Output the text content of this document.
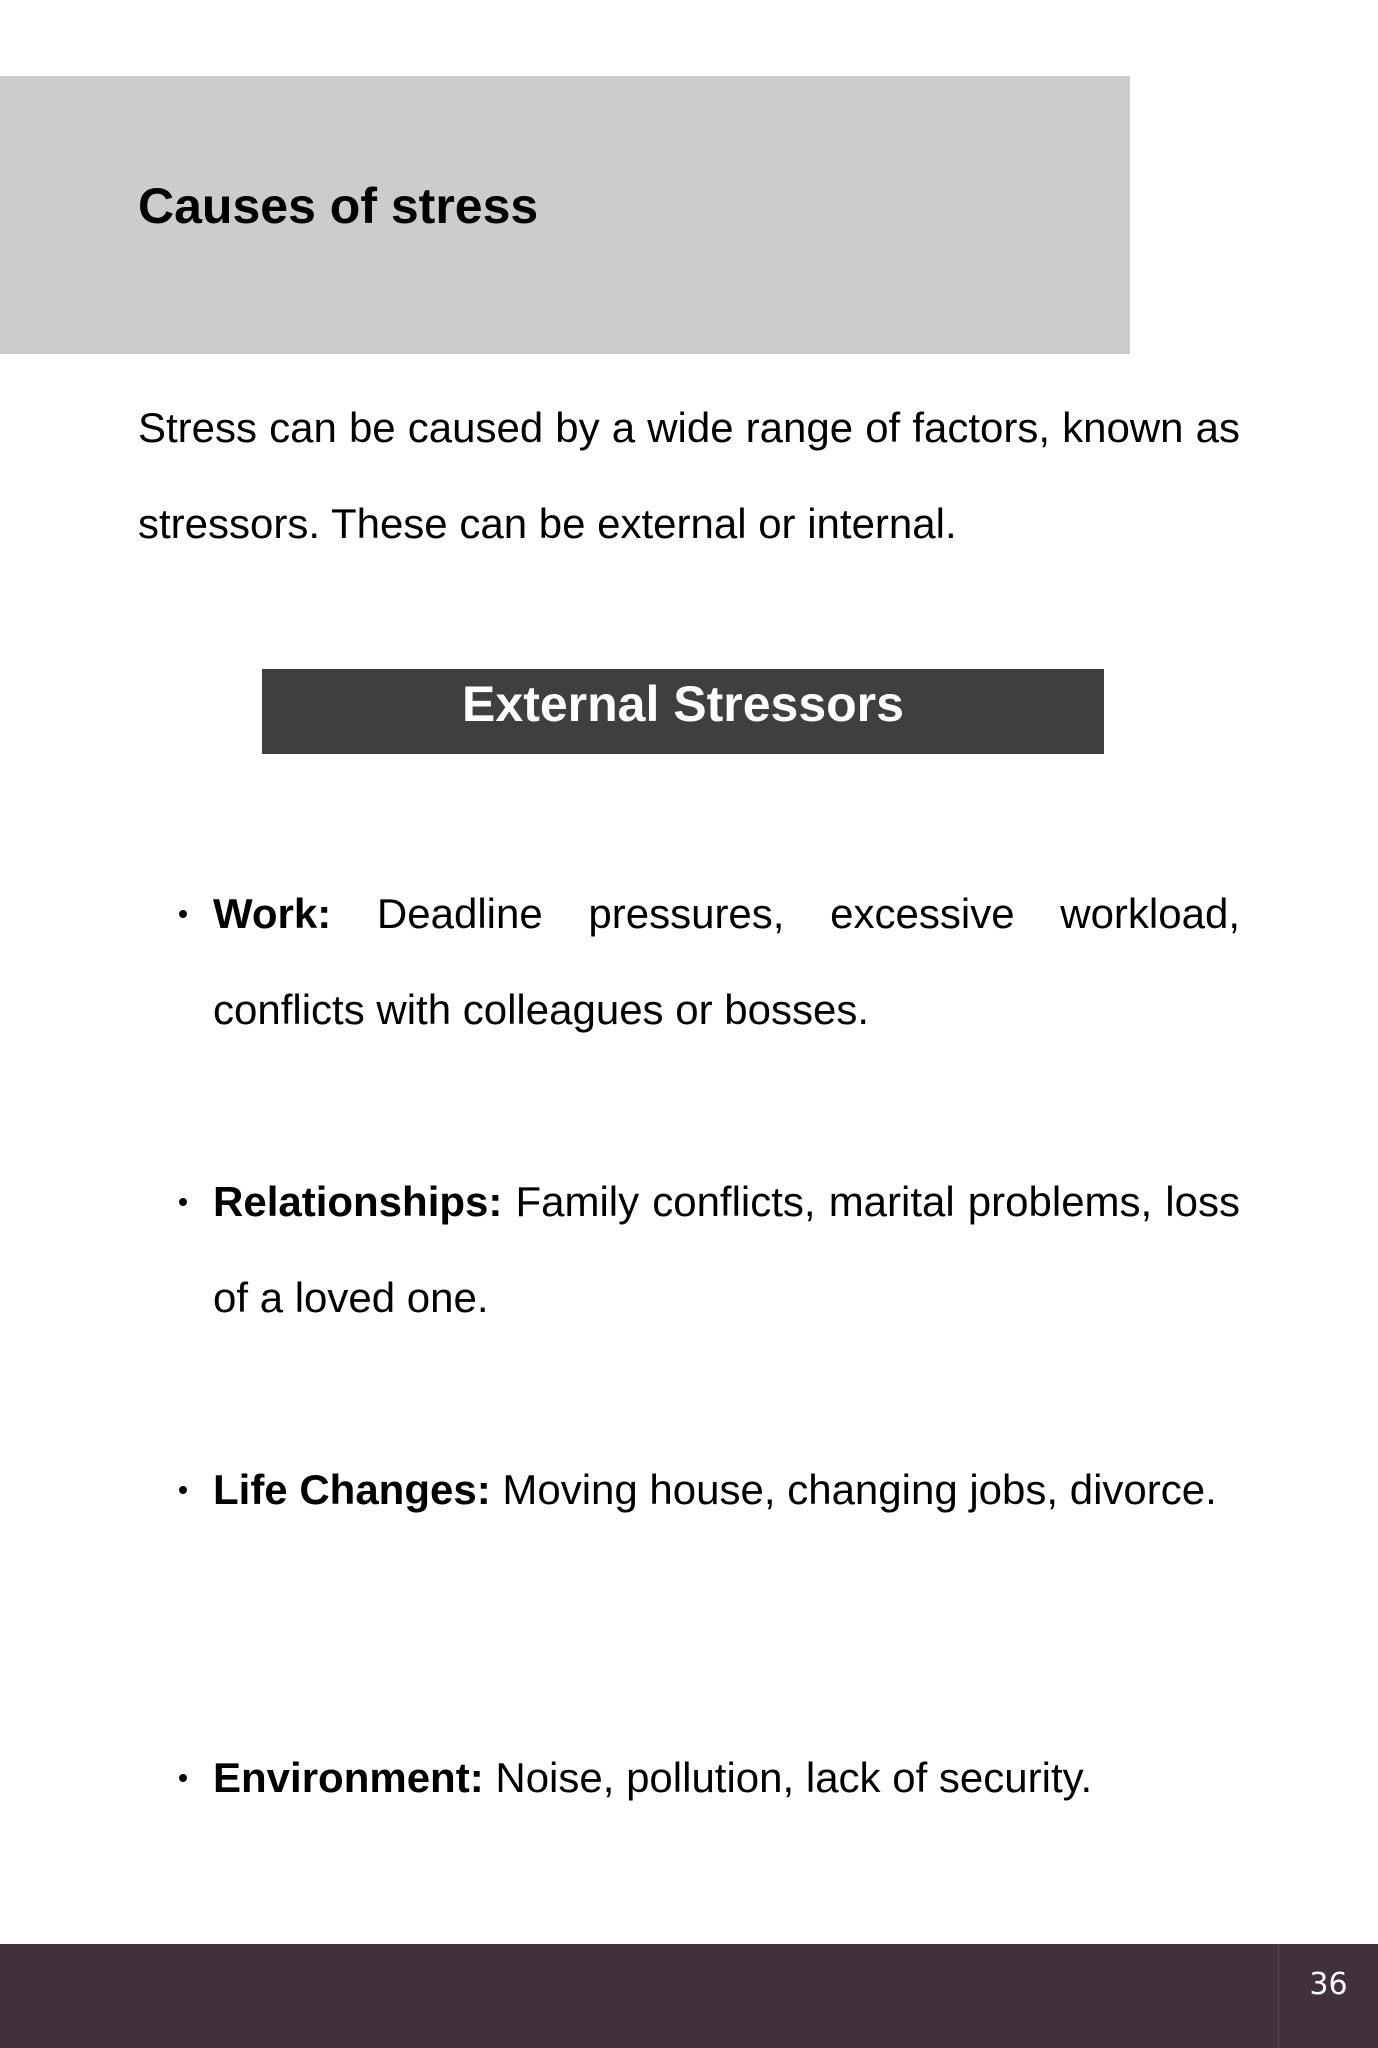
Causes of stress

Stress can be caused by a wide range of factors, known as stressors. These can be external or internal.

External Stressors
Work: Deadline pressures, excessive workload, conflicts with colleagues or bosses.
Relationships: Family conflicts, marital problems, loss of a loved one.
Life Changes: Moving house, changing jobs, divorce.
Environment: Noise, pollution, lack of security.
36
